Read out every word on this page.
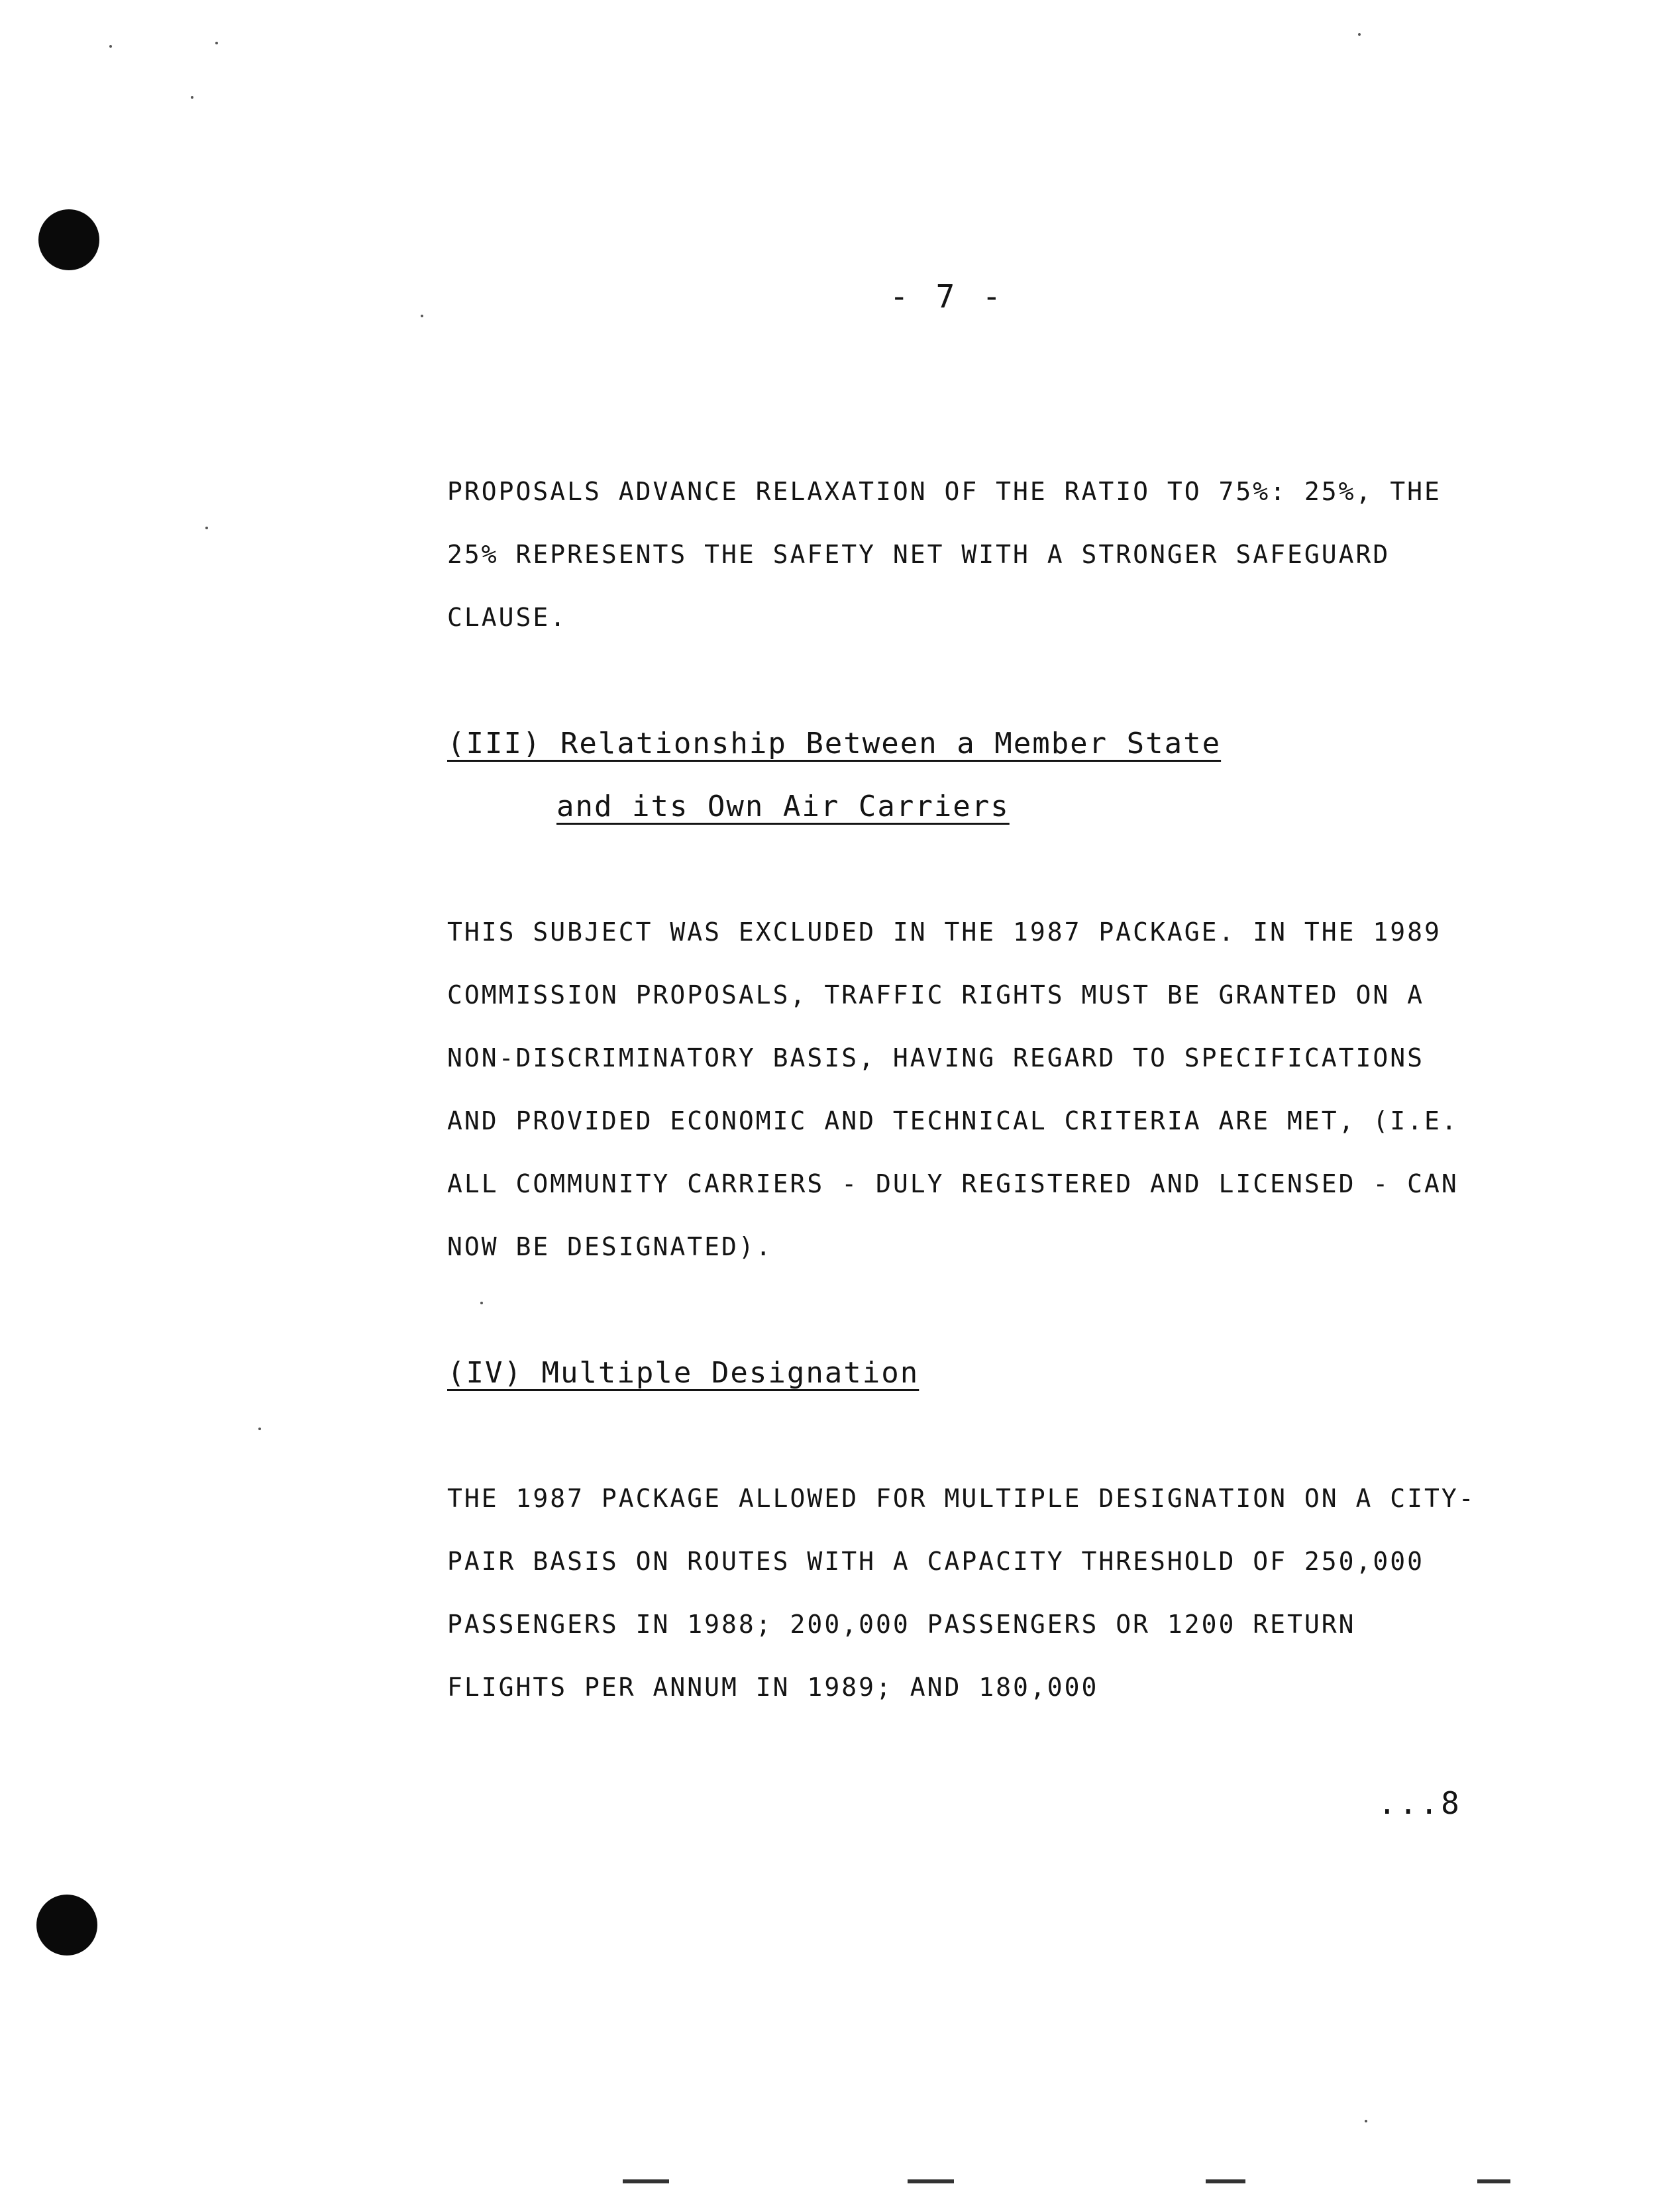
- 7 -

PROPOSALS ADVANCE RELAXATION OF THE RATIO TO 75%: 25%, THE 25% REPRESENTS THE SAFETY NET WITH A STRONGER SAFEGUARD CLAUSE.

(III) Relationship Between a Member State

and its Own Air Carriers

THIS SUBJECT WAS EXCLUDED IN THE 1987 PACKAGE. IN THE 1989 COMMISSION PROPOSALS, TRAFFIC RIGHTS MUST BE GRANTED ON A NON-DISCRIMINATORY BASIS, HAVING REGARD TO SPECIFICATIONS AND PROVIDED ECONOMIC AND TECHNICAL CRITERIA ARE MET, (I.E. ALL COMMUNITY CARRIERS - DULY REGISTERED AND LICENSED - CAN NOW BE DESIGNATED).

(IV) Multiple Designation

THE 1987 PACKAGE ALLOWED FOR MULTIPLE DESIGNATION ON A CITY-PAIR BASIS ON ROUTES WITH A CAPACITY THRESHOLD OF 250,000 PASSENGERS IN 1988; 200,000 PASSENGERS OR 1200 RETURN FLIGHTS PER ANNUM IN 1989; AND 180,000

...8
